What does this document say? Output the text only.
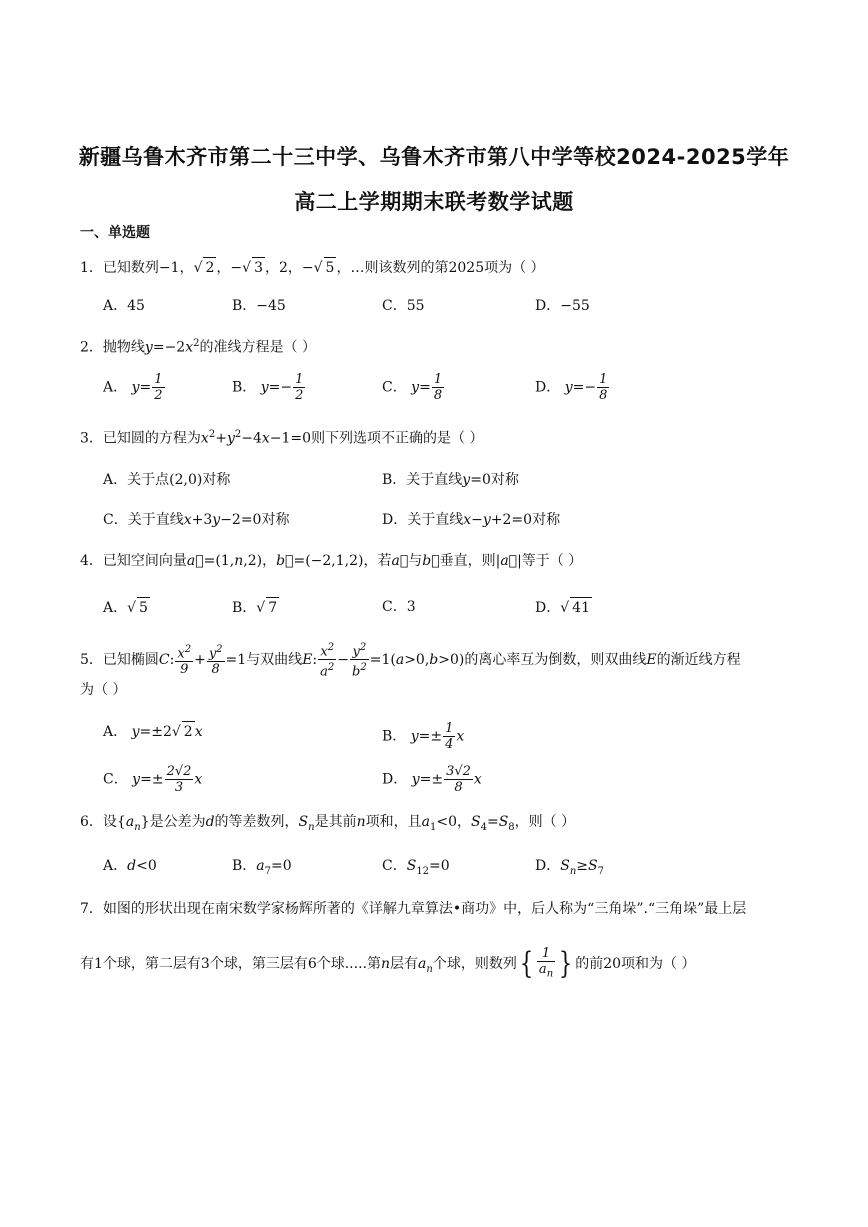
新疆乌鲁木齐市第二十三中学、乌鲁木齐市第八中学等校2024-2025学年
高二上学期期末联考数学试题
一、单选题
1．已知数列−1，√ 2 ，−√ 3 ，2，−√ 5 ，…则该数列的第2025项为（ ）
A．45	B．−45	C．55	D．−55
2．抛物线$y=-2x^2$的准线方程是（ ）
A． $y= \frac{1}{2}$	B． $y=- \frac{1}{2}$	C． $y= \frac{1}{8}$	D． $y=- \frac{1}{8}$
3．已知圆的方程为$x^2+y^2-4x-1=0$则下列选项不正确的是（ ）
A．关于点(2,0)对称	B．关于直线y=0对称
C．关于直线x+3y−2=0对称	D．关于直线x−y+2=0对称
4．已知空间向量a⃗=(1,n,2)，b⃗=(−2,1,2)，若a⃗与b⃗垂直，则|a⃗|等于（ ）
A．√ 5	B．√ 7	C．3	D．√ 41
5．已知椭圆C: $\frac{x^2}{9} + \frac{y^2}{8} =1$与双曲线E: $\frac{x^2}{a^2} - \frac{y^2}{b^2} =1(a>0,b>0)$的离心率互为倒数，则双曲线E的渐近线方程
为（ ）
A． y=±2√ 2 x	B． $y=\pm \frac{1}{4}$ x
C． $y=\pm \frac{2√2}{3}$ x	D． $y=\pm \frac{3√2}{8}$ x
6．设$\{a_n\}$是公差为d的等差数列，$S_n$是其前n项和，且$a_1<0$，$S_4=S_8$，则（ ）
A．d<0	B．$a_7=0$	C．$S_{12}=0$	D．$S_n\ge S_7$
7．如图的形状出现在南宋数学家杨辉所著的《详解九章算法•商功》中，后人称为“三角垛”.“三角垛”最上层
有1个球，第二层有3个球，第三层有6个球.....第n层有$a_n$个球，则数列{ $\frac{1}{a_n}$ } 的前20项和为（ ）
